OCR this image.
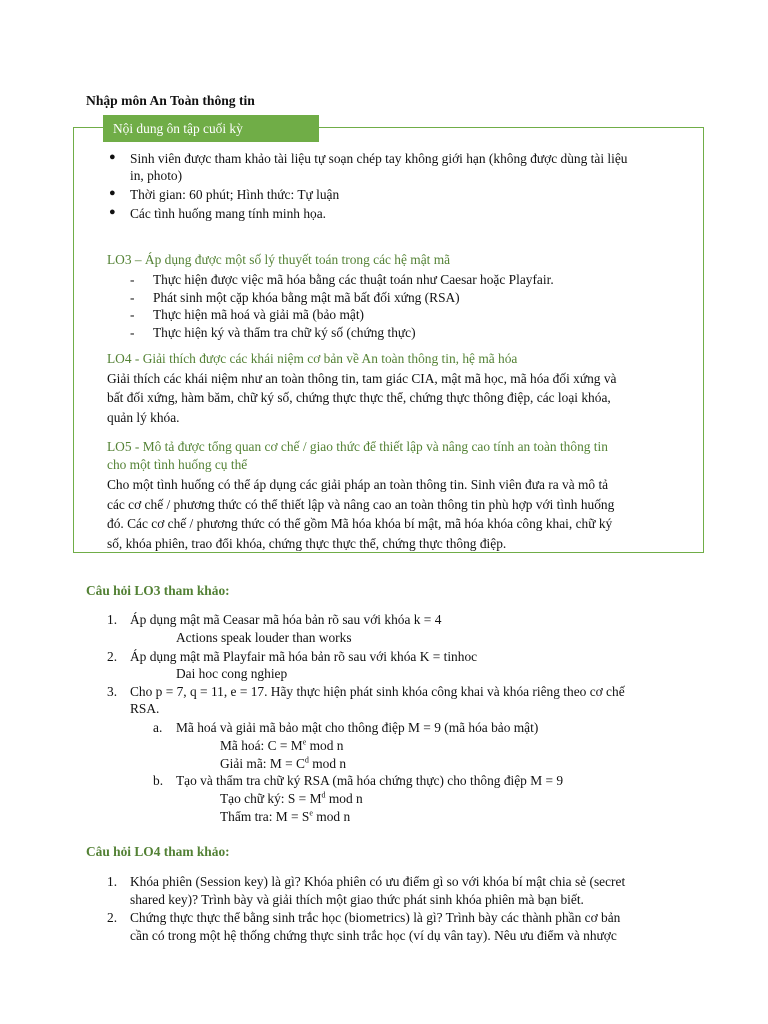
Nhập môn An Toàn thông tin
Nội dung ôn tập cuối kỳ
● Sinh viên được tham khảo tài liệu tự soạn chép tay không giới hạn (không được dùng tài liệu
in, photo)
● Thời gian: 60 phút; Hình thức: Tự luận
● Các tình huống mang tính minh họa.
LO3 – Áp dụng được một số lý thuyết toán trong các hệ mật mã
- Thực hiện được việc mã hóa bằng các thuật toán như Caesar hoặc Playfair.
- Phát sinh một cặp khóa bằng mật mã bất đối xứng (RSA)
- Thực hiện mã hoá và giải mã (bảo mật)
- Thực hiện ký và thẩm tra chữ ký số (chứng thực)
LO4 - Giải thích được các khái niệm cơ bản về An toàn thông tin, hệ mã hóa
Giải thích các khái niệm như an toàn thông tin, tam giác CIA, mật mã học, mã hóa đối xứng và
bất đối xứng, hàm băm, chữ ký số, chứng thực thực thể, chứng thực thông điệp, các loại khóa,
quản lý khóa.
LO5 - Mô tả được tổng quan cơ chế / giao thức để thiết lập và nâng cao tính an toàn thông tin
cho một tình huống cụ thể
Cho một tình huống có thể áp dụng các giải pháp an toàn thông tin. Sinh viên đưa ra và mô tả
các cơ chế / phương thức có thể thiết lập và nâng cao an toàn thông tin phù hợp với tình huống
đó. Các cơ chế / phương thức có thể gồm Mã hóa khóa bí mật, mã hóa khóa công khai, chữ ký
số, khóa phiên, trao đổi khóa, chứng thực thực thể, chứng thực thông điệp.
Câu hỏi LO3 tham khảo:
1. Áp dụng mật mã Ceasar mã hóa bản rõ sau với khóa k = 4
Actions speak louder than works
2. Áp dụng mật mã Playfair mã hóa bản rõ sau với khóa K = tinhoc
Dai hoc cong nghiep
3. Cho p = 7, q = 11, e = 17. Hãy thực hiện phát sinh khóa công khai và khóa riêng theo cơ chế
RSA.
a. Mã hoá và giải mã bảo mật cho thông điệp M = 9 (mã hóa bảo mật)
Mã hoá: $C = M^e$ mod n
Giải mã: $M = C^d$ mod n
b. Tạo và thẩm tra chữ ký RSA (mã hóa chứng thực) cho thông điệp M = 9
Tạo chữ ký: $S = M^d$ mod n
Thẩm tra: $M = S^e$ mod n
Câu hỏi LO4 tham khảo:
1. Khóa phiên (Session key) là gì? Khóa phiên có ưu điểm gì so với khóa bí mật chia sẻ (secret
shared key)? Trình bày và giải thích một giao thức phát sinh khóa phiên mà bạn biết.
2. Chứng thực thực thể bằng sinh trắc học (biometrics) là gì? Trình bày các thành phần cơ bản
cần có trong một hệ thống chứng thực sinh trắc học (ví dụ vân tay). Nêu ưu điểm và nhược
